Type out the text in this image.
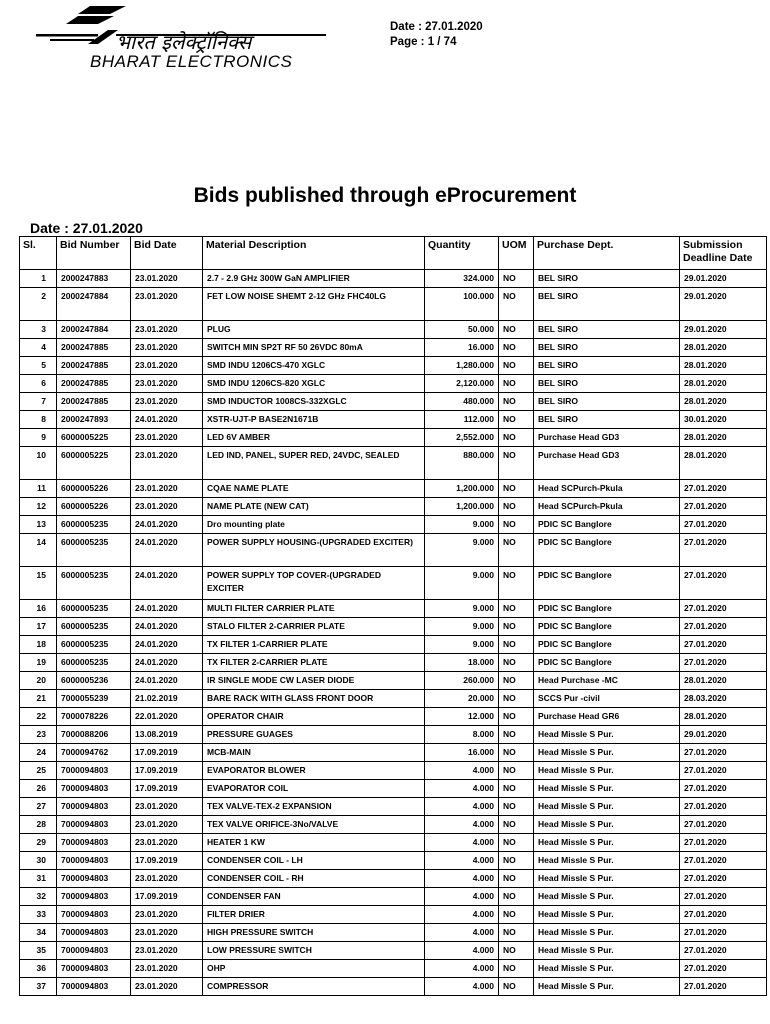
भारत इलेक्ट्रॉनिक्स
BHARAT ELECTRONICS
Date : 27.01.2020
Page : 1 / 74
Bids published through eProcurement
Date : 27.01.2020
Sl.	Bid Number	Bid Date	Material Description	Quantity	UOM	Purchase Dept.	Submission Deadline Date
1	2000247883	23.01.2020	2.7 - 2.9 GHz 300W GaN AMPLIFIER	324.000	NO	BEL SIRO	29.01.2020
2	2000247884	23.01.2020	FET LOW NOISE SHEMT 2-12 GHz FHC40LG	100.000	NO	BEL SIRO	29.01.2020
3	2000247884	23.01.2020	PLUG	50.000	NO	BEL SIRO	29.01.2020
4	2000247885	23.01.2020	SWITCH MIN SP2T RF 50 26VDC 80mA	16.000	NO	BEL SIRO	28.01.2020
5	2000247885	23.01.2020	SMD INDU 1206CS-470 XGLC	1,280.000	NO	BEL SIRO	28.01.2020
6	2000247885	23.01.2020	SMD INDU 1206CS-820 XGLC	2,120.000	NO	BEL SIRO	28.01.2020
7	2000247885	23.01.2020	SMD INDUCTOR 1008CS-332XGLC	480.000	NO	BEL SIRO	28.01.2020
8	2000247893	24.01.2020	XSTR-UJT-P BASE2N1671B	112.000	NO	BEL SIRO	30.01.2020
9	6000005225	23.01.2020	LED 6V AMBER	2,552.000	NO	Purchase Head GD3	28.01.2020
10	6000005225	23.01.2020	LED IND, PANEL, SUPER RED, 24VDC, SEALED	880.000	NO	Purchase Head GD3	28.01.2020
11	6000005226	23.01.2020	CQAE NAME PLATE	1,200.000	NO	Head SCPurch-Pkula	27.01.2020
12	6000005226	23.01.2020	NAME PLATE (NEW CAT)	1,200.000	NO	Head SCPurch-Pkula	27.01.2020
13	6000005235	24.01.2020	Dro mounting plate	9.000	NO	PDIC SC Banglore	27.01.2020
14	6000005235	24.01.2020	POWER SUPPLY HOUSING-(UPGRADED EXCITER)	9.000	NO	PDIC SC Banglore	27.01.2020
15	6000005235	24.01.2020	POWER SUPPLY TOP COVER-(UPGRADED EXCITER	9.000	NO	PDIC SC Banglore	27.01.2020
16	6000005235	24.01.2020	MULTI FILTER CARRIER PLATE	9.000	NO	PDIC SC Banglore	27.01.2020
17	6000005235	24.01.2020	STALO FILTER 2-CARRIER PLATE	9.000	NO	PDIC SC Banglore	27.01.2020
18	6000005235	24.01.2020	TX FILTER 1-CARRIER PLATE	9.000	NO	PDIC SC Banglore	27.01.2020
19	6000005235	24.01.2020	TX FILTER 2-CARRIER PLATE	18.000	NO	PDIC SC Banglore	27.01.2020
20	6000005236	24.01.2020	IR SINGLE MODE CW LASER DIODE	260.000	NO	Head Purchase -MC	28.01.2020
21	7000055239	21.02.2019	BARE RACK WITH GLASS FRONT DOOR	20.000	NO	SCCS Pur -civil	28.03.2020
22	7000078226	22.01.2020	OPERATOR CHAIR	12.000	NO	Purchase Head GR6	28.01.2020
23	7000088206	13.08.2019	PRESSURE GUAGES	8.000	NO	Head Missle S Pur.	29.01.2020
24	7000094762	17.09.2019	MCB-MAIN	16.000	NO	Head Missle S Pur.	27.01.2020
25	7000094803	17.09.2019	EVAPORATOR BLOWER	4.000	NO	Head Missle S Pur.	27.01.2020
26	7000094803	17.09.2019	EVAPORATOR COIL	4.000	NO	Head Missle S Pur.	27.01.2020
27	7000094803	23.01.2020	TEX VALVE-TEX-2 EXPANSION	4.000	NO	Head Missle S Pur.	27.01.2020
28	7000094803	23.01.2020	TEX VALVE ORIFICE-3No/VALVE	4.000	NO	Head Missle S Pur.	27.01.2020
29	7000094803	23.01.2020	HEATER 1 KW	4.000	NO	Head Missle S Pur.	27.01.2020
30	7000094803	17.09.2019	CONDENSER COIL - LH	4.000	NO	Head Missle S Pur.	27.01.2020
31	7000094803	23.01.2020	CONDENSER COIL - RH	4.000	NO	Head Missle S Pur.	27.01.2020
32	7000094803	17.09.2019	CONDENSER FAN	4.000	NO	Head Missle S Pur.	27.01.2020
33	7000094803	23.01.2020	FILTER DRIER	4.000	NO	Head Missle S Pur.	27.01.2020
34	7000094803	23.01.2020	HIGH PRESSURE SWITCH	4.000	NO	Head Missle S Pur.	27.01.2020
35	7000094803	23.01.2020	LOW PRESSURE SWITCH	4.000	NO	Head Missle S Pur.	27.01.2020
36	7000094803	23.01.2020	OHP	4.000	NO	Head Missle S Pur.	27.01.2020
37	7000094803	23.01.2020	COMPRESSOR	4.000	NO	Head Missle S Pur.	27.01.2020
